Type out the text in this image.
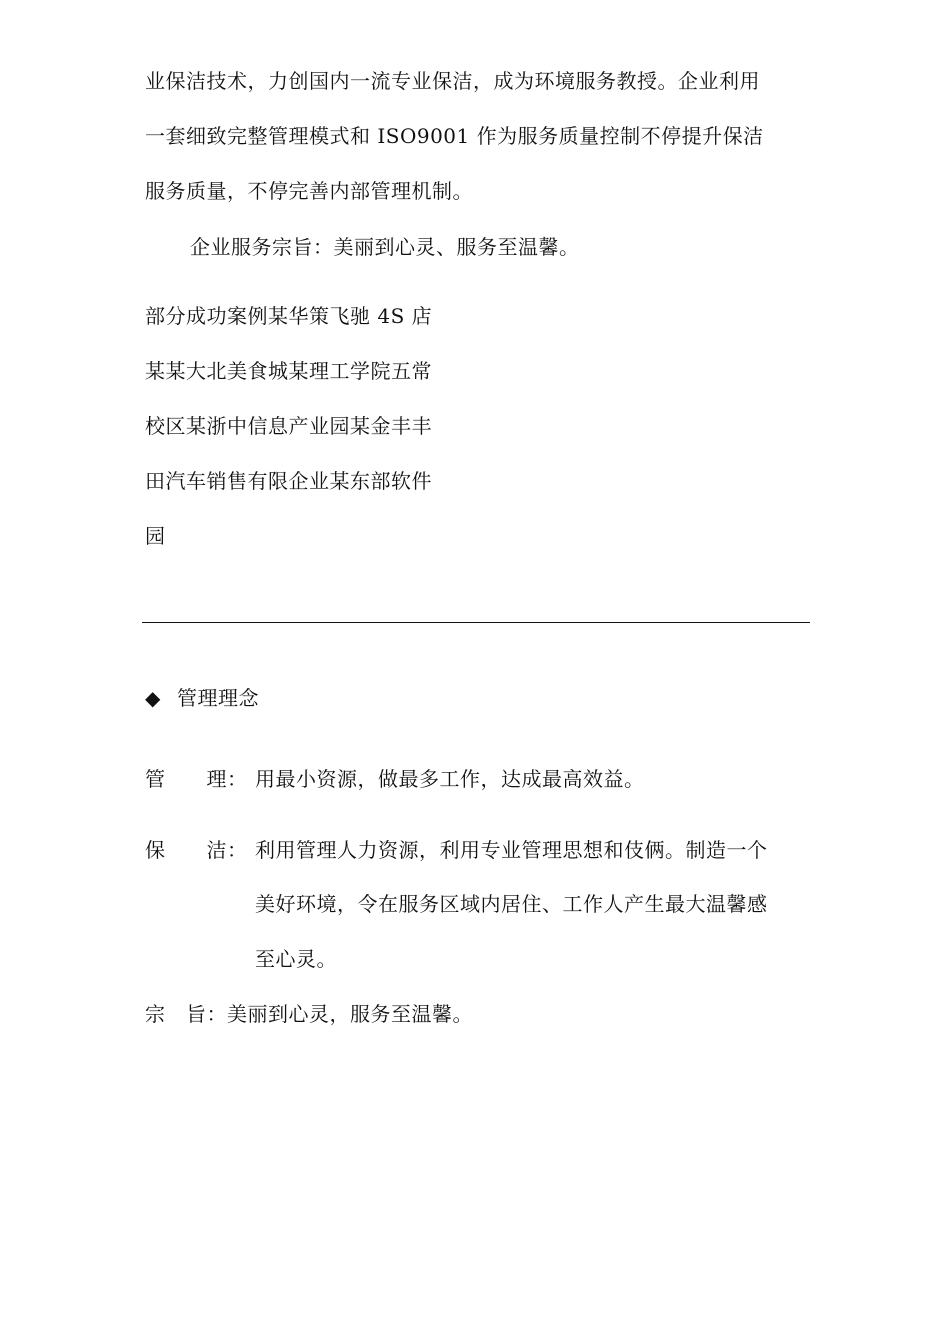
业保洁技术，力创国内一流专业保洁，成为环境服务教授。企业利用
一套细致完整管理模式和 ISO9001 作为服务质量控制不停提升保洁
服务质量，不停完善内部管理机制。
企业服务宗旨：美丽到心灵、服务至温馨。
部分成功案例某华策飞驰 4S 店
某某大北美食城某理工学院五常
校区某浙中信息产业园某金丰丰
田汽车销售有限企业某东部软件
园
◆ 管理理念
管　　理： 用最小资源，做最多工作，达成最高效益。
保　　洁： 利用管理人力资源，利用专业管理思想和伎俩。制造一个
美好环境，令在服务区域内居住、工作人产生最大温馨感
至心灵。
宗　旨：美丽到心灵，服务至温馨。
